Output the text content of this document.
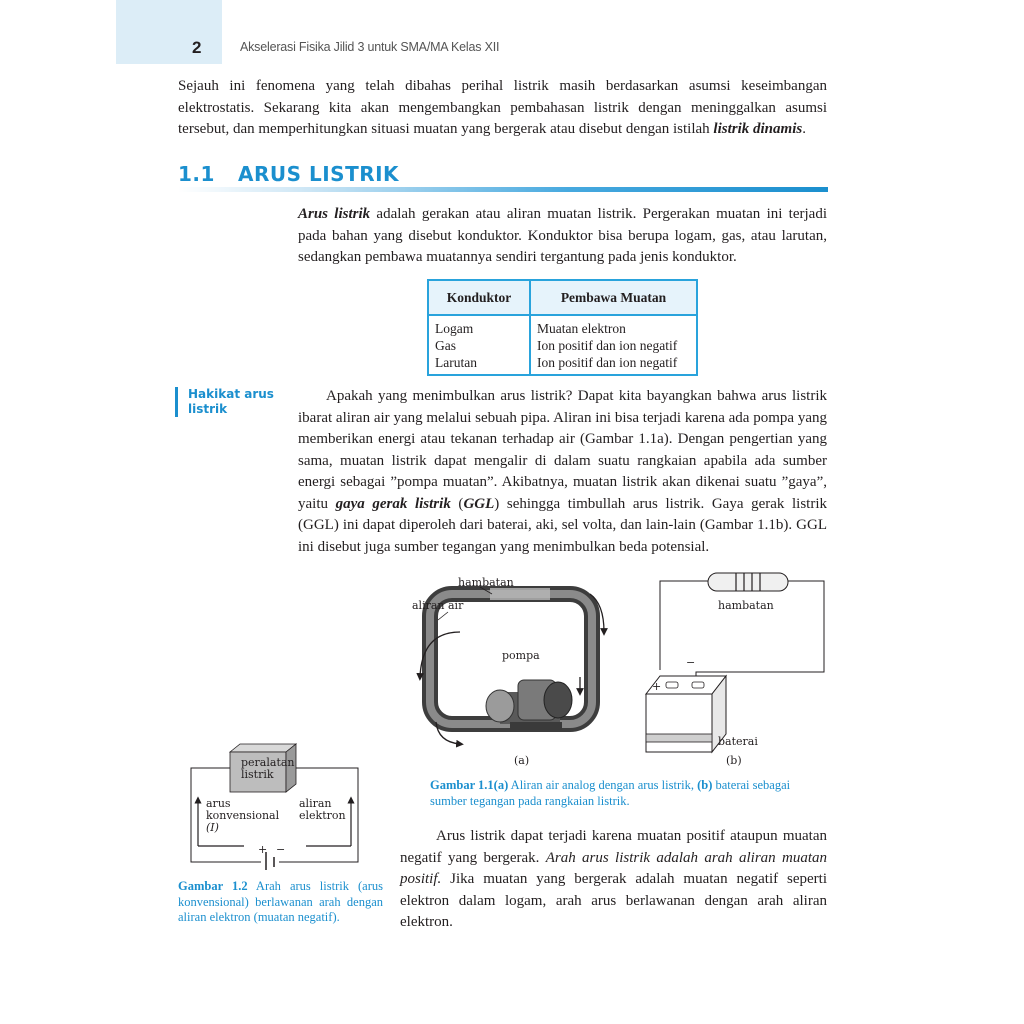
2	Akselerasi Fisika Jilid 3 untuk SMA/MA Kelas XII

Sejauh ini fenomena yang telah dibahas perihal listrik masih berdasarkan asumsi keseimbangan elektrostatis. Sekarang kita akan mengembangkan pembahasan listrik dengan meninggalkan asumsi tersebut, dan memperhitungkan situasi muatan yang bergerak atau disebut dengan istilah listrik dinamis.

1.1 ARUS LISTRIK

Arus listrik adalah gerakan atau aliran muatan listrik. Pergerakan muatan ini terjadi pada bahan yang disebut konduktor. Konduktor bisa berupa logam, gas, atau larutan, sedangkan pembawa muatannya sendiri tergantung pada jenis konduktor.

Konduktor	Pembawa Muatan
Logam	Muatan elektron
Gas	Ion positif dan ion negatif
Larutan	Ion positif dan ion negatif
Hakikat arus
listrik

Apakah yang menimbulkan arus listrik? Dapat kita bayangkan bahwa arus listrik ibarat aliran air yang melalui sebuah pipa. Aliran ini bisa terjadi karena ada pompa yang memberikan energi atau tekanan terhadap air (Gambar 1.1a). Dengan pengertian yang sama, muatan listrik dapat mengalir di dalam suatu rangkaian apabila ada sumber energi sebagai ”pompa muatan”. Akibatnya, muatan listrik akan dikenai suatu ”gaya”, yaitu gaya gerak listrik (GGL) sehingga timbullah arus listrik. Gaya gerak listrik (GGL) ini dapat diperoleh dari baterai, aki, sel volta, dan lain-lain (Gambar 1.1b). GGL ini disebut juga sumber tegangan yang menimbulkan beda potensial.

hambatan
aliran air
pompa
(a)
hambatan
+
−
baterai
(b)
Gambar 1.1(a) Aliran air analog dengan arus listrik, (b) baterai sebagai sumber tegangan pada rangkaian listrik.
peralatan
listrik
+ −
arus
konvensional
(I)
aliran
elektron
Gambar 1.2 Arah arus listrik (arus konvensional) berlawanan arah dengan aliran elektron (muatan negatif).

Arus listrik dapat terjadi karena muatan positif ataupun muatan negatif yang bergerak. Arah arus listrik adalah arah aliran muatan positif. Jika muatan yang bergerak adalah muatan negatif seperti elektron dalam logam, arah arus berlawanan dengan arah aliran elektron.
